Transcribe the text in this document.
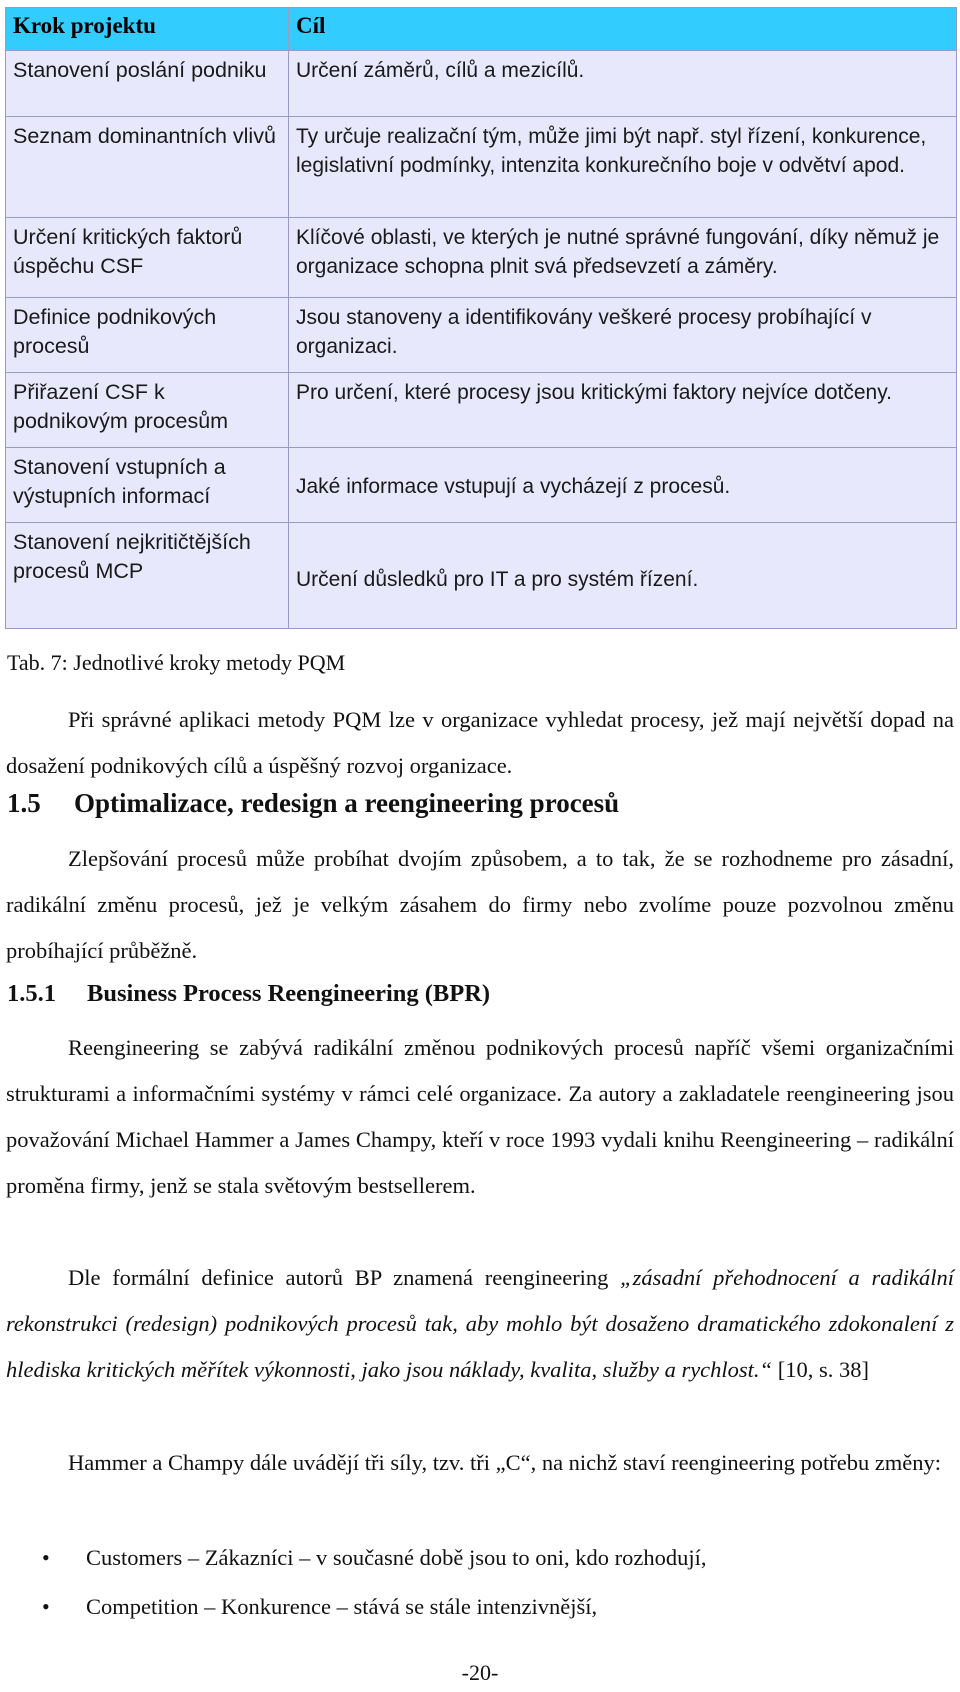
Krok projektu	Cíl
Stanovení poslání podniku	Určení záměrů, cílů a mezicílů.
Seznam dominantních vlivů	Ty určuje realizační tým, může jimi být např. styl řízení, konkurence, legislativní podmínky, intenzita konkurečního boje v odvětví apod.
Určení kritických faktorů úspěchu CSF	Klíčové oblasti, ve kterých je nutné správné fungování, díky němuž je organizace schopna plnit svá předsevzetí a záměry.
Definice podnikových procesů	Jsou stanoveny a identifikovány veškeré procesy probíhající v organizaci.
Přiřazení CSF k podnikovým procesům	Pro určení, které procesy jsou kritickými faktory nejvíce dotčeny.
Stanovení vstupních a výstupních informací	Jaké informace vstupují a vycházejí z procesů.
Stanovení nejkritičtějších procesů MCP	Určení důsledků pro IT a pro systém řízení.
Tab. 7: Jednotlivé kroky metody PQM
Při správné aplikaci metody PQM lze v organizace vyhledat procesy, jež mají největší dopad na dosažení podnikových cílů a úspěšný rozvoj organizace.
1.5 Optimalizace, redesign a reengineering procesů
Zlepšování procesů může probíhat dvojím způsobem, a to tak, že se rozhodneme pro zásadní, radikální změnu procesů, jež je velkým zásahem do firmy nebo zvolíme pouze pozvolnou změnu probíhající průběžně.
1.5.1 Business Process Reengineering (BPR)
Reengineering se zabývá radikální změnou podnikových procesů napříč všemi organizačními strukturami a informačními systémy v rámci celé organizace. Za autory a zakladatele reengineering jsou považování Michael Hammer a James Champy, kteří v roce 1993 vydali knihu Reengineering – radikální proměna firmy, jenž se stala světovým bestsellerem.
Dle formální definice autorů BP znamená reengineering „zásadní přehodnocení a radikální rekonstrukci (redesign) podnikových procesů tak, aby mohlo být dosaženo dramatického zdokonalení z hlediska kritických měřítek výkonnosti, jako jsou náklady, kvalita, služby a rychlost.“ [10, s. 38]
Hammer a Champy dále uvádějí tři síly, tzv. tři „C“, na nichž staví reengineering potřebu změny:
• Customers – Zákazníci – v současné době jsou to oni, kdo rozhodují,
• Competition – Konkurence – stává se stále intenzivnější,
-20-
